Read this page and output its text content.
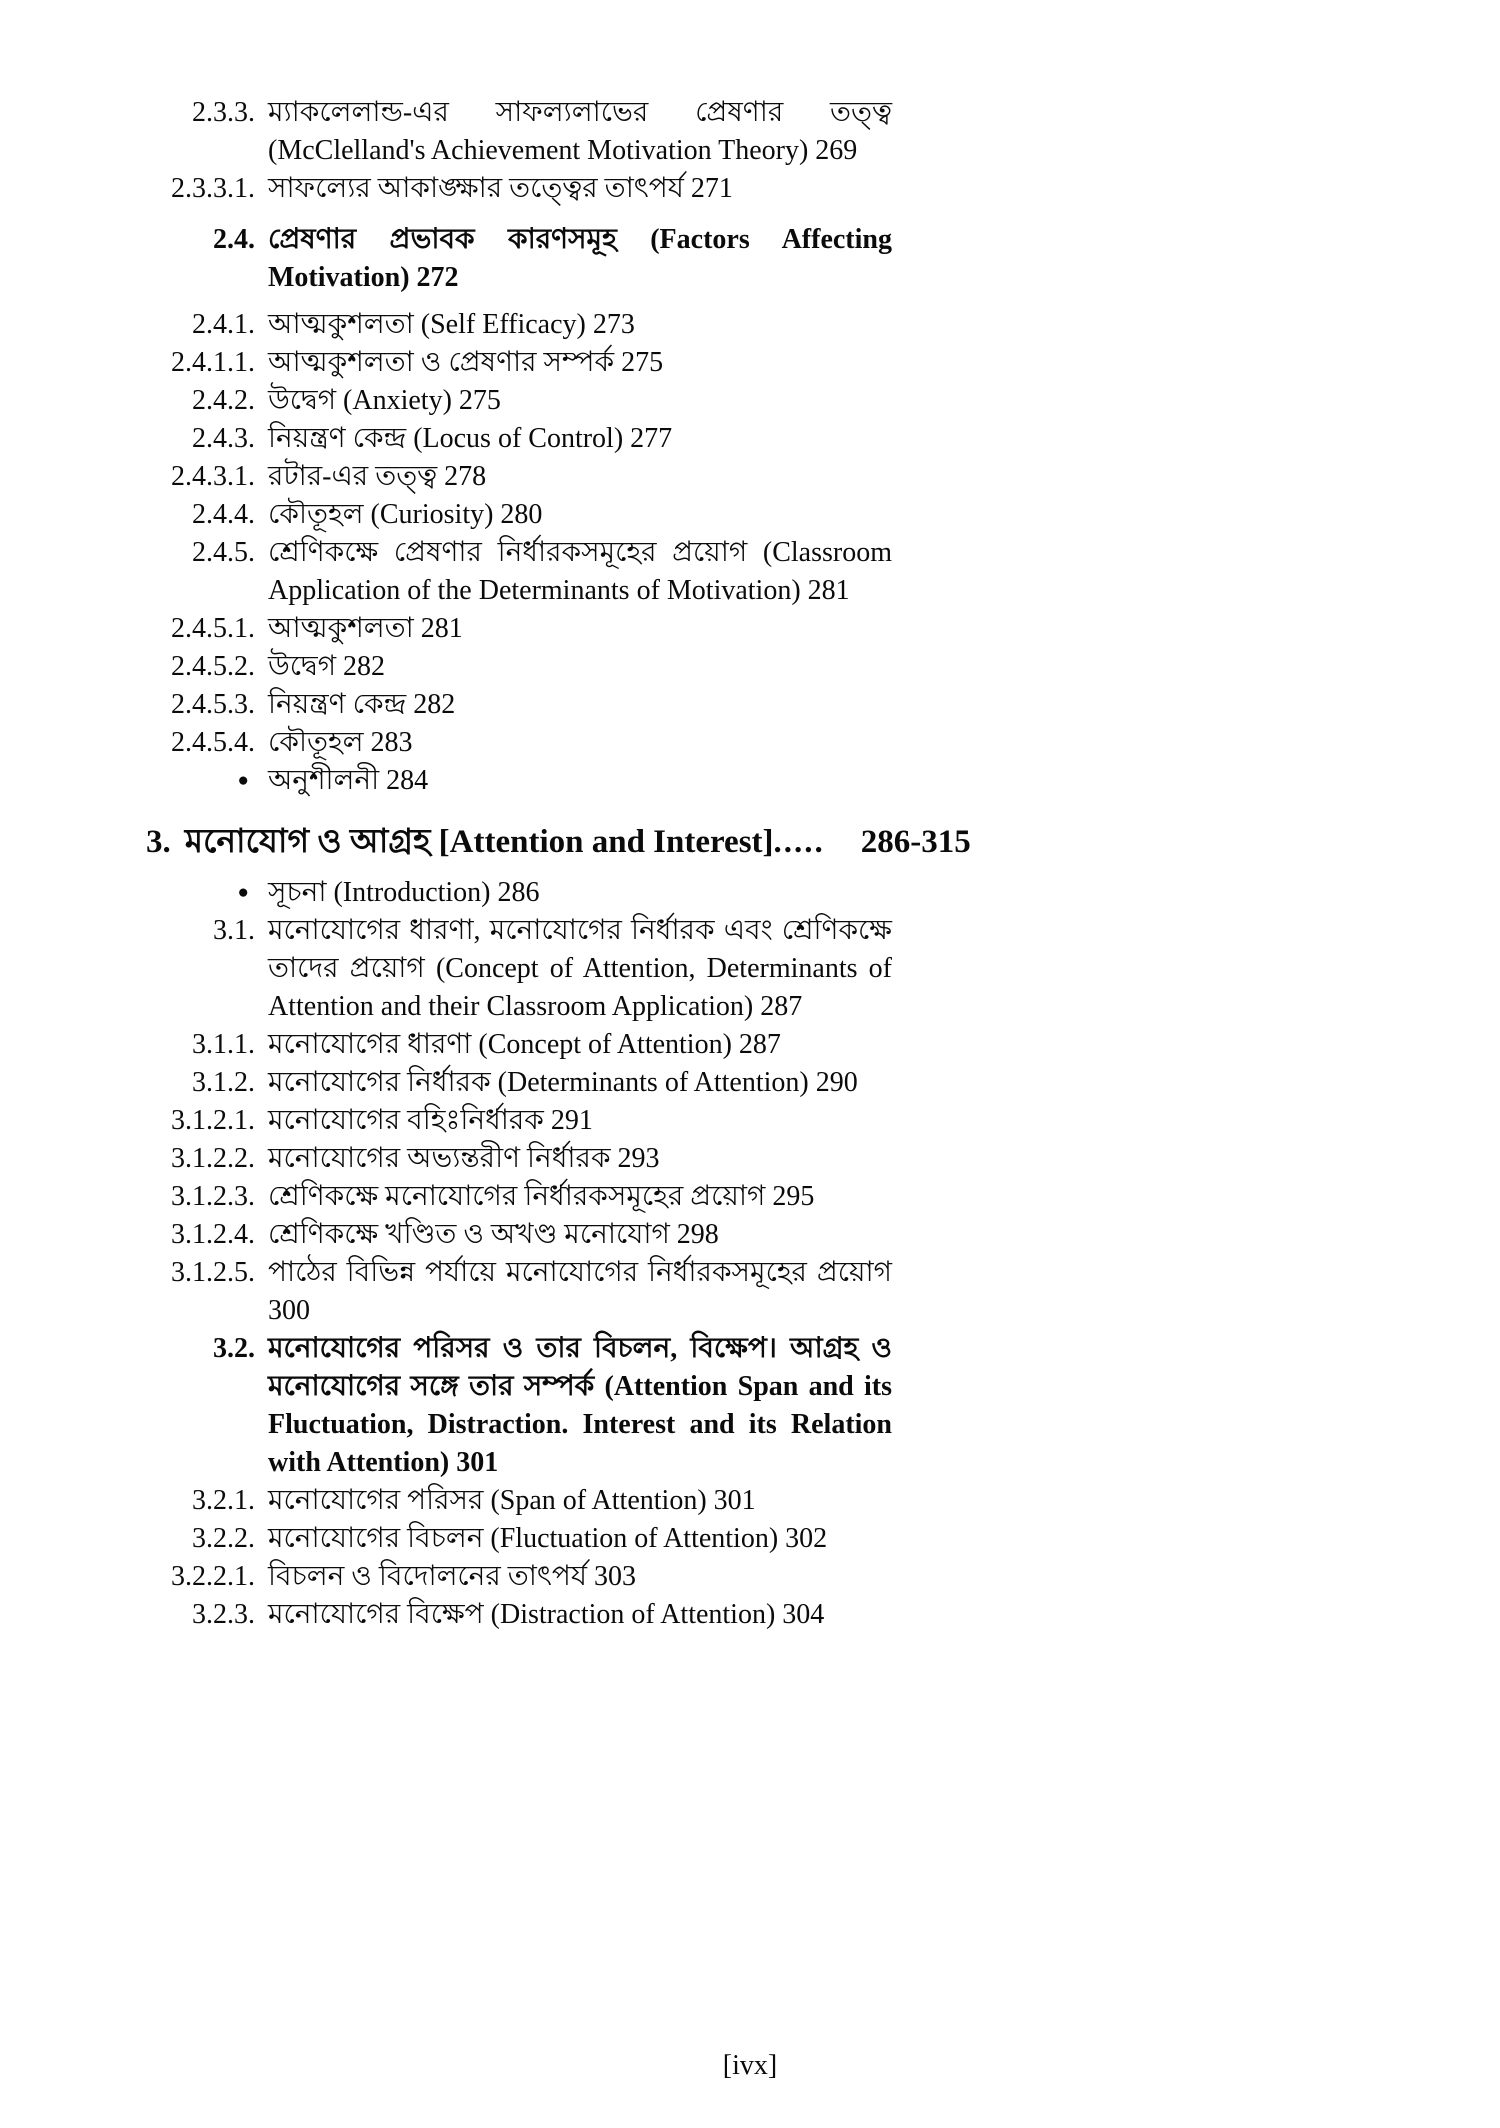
2.3.3. ম্যাকলেলান্ড-এর সাফল্যলাভের প্রেষণার তত্ত্ব (McClelland's Achievement Motivation Theory) 269
2.3.3.1. সাফল্যের আকাঙ্ক্ষার তত্ত্বের তাৎপর্য 271
2.4. প্রেষণার প্রভাবক কারণসমূহ (Factors Affecting Motivation) 272
2.4.1. আত্মকুশলতা (Self Efficacy) 273
2.4.1.1. আত্মকুশলতা ও প্রেষণার সম্পর্ক 275
2.4.2. উদ্বেগ (Anxiety) 275
2.4.3. নিয়ন্ত্রণ কেন্দ্র (Locus of Control) 277
2.4.3.1. রটার-এর তত্ত্ব 278
2.4.4. কৌতূহল (Curiosity) 280
2.4.5. শ্রেণিকক্ষে প্রেষণার নির্ধারকসমূহের প্রয়োগ (Classroom Application of the Determinants of Motivation) 281
2.4.5.1. আত্মকুশলতা 281
2.4.5.2. উদ্বেগ 282
2.4.5.3. নিয়ন্ত্রণ কেন্দ্র 282
2.4.5.4. কৌতূহল 283
● অনুশীলনী 284
3. মনোযোগ ও আগ্রহ [Attention and Interest] ..... 286-315
● সূচনা (Introduction) 286
3.1. মনোযোগের ধারণা, মনোযোগের নির্ধারক এবং শ্রেণিকক্ষে তাদের প্রয়োগ (Concept of Attention, Determinants of Attention and their Classroom Application) 287
3.1.1. মনোযোগের ধারণা (Concept of Attention) 287
3.1.2. মনোযোগের নির্ধারক (Determinants of Attention) 290
3.1.2.1. মনোযোগের বহিঃনির্ধারক 291
3.1.2.2. মনোযোগের অভ্যন্তরীণ নির্ধারক 293
3.1.2.3. শ্রেণিকক্ষে মনোযোগের নির্ধারকসমূহের প্রয়োগ 295
3.1.2.4. শ্রেণিকক্ষে খণ্ডিত ও অখণ্ড মনোযোগ 298
3.1.2.5. পাঠের বিভিন্ন পর্যায়ে মনোযোগের নির্ধারকসমূহের প্রয়োগ 300
3.2. মনোযোগের পরিসর ও তার বিচলন, বিক্ষেপ। আগ্রহ ও মনোযোগের সঙ্গে তার সম্পর্ক (Attention Span and its Fluctuation, Distraction. Interest and its Relation with Attention) 301
3.2.1. মনোযোগের পরিসর (Span of Attention) 301
3.2.2. মনোযোগের বিচলন (Fluctuation of Attention) 302
3.2.2.1. বিচলন ও বিদোলনের তাৎপর্য 303
3.2.3. মনোযোগের বিক্ষেপ (Distraction of Attention) 304
[ivx]
